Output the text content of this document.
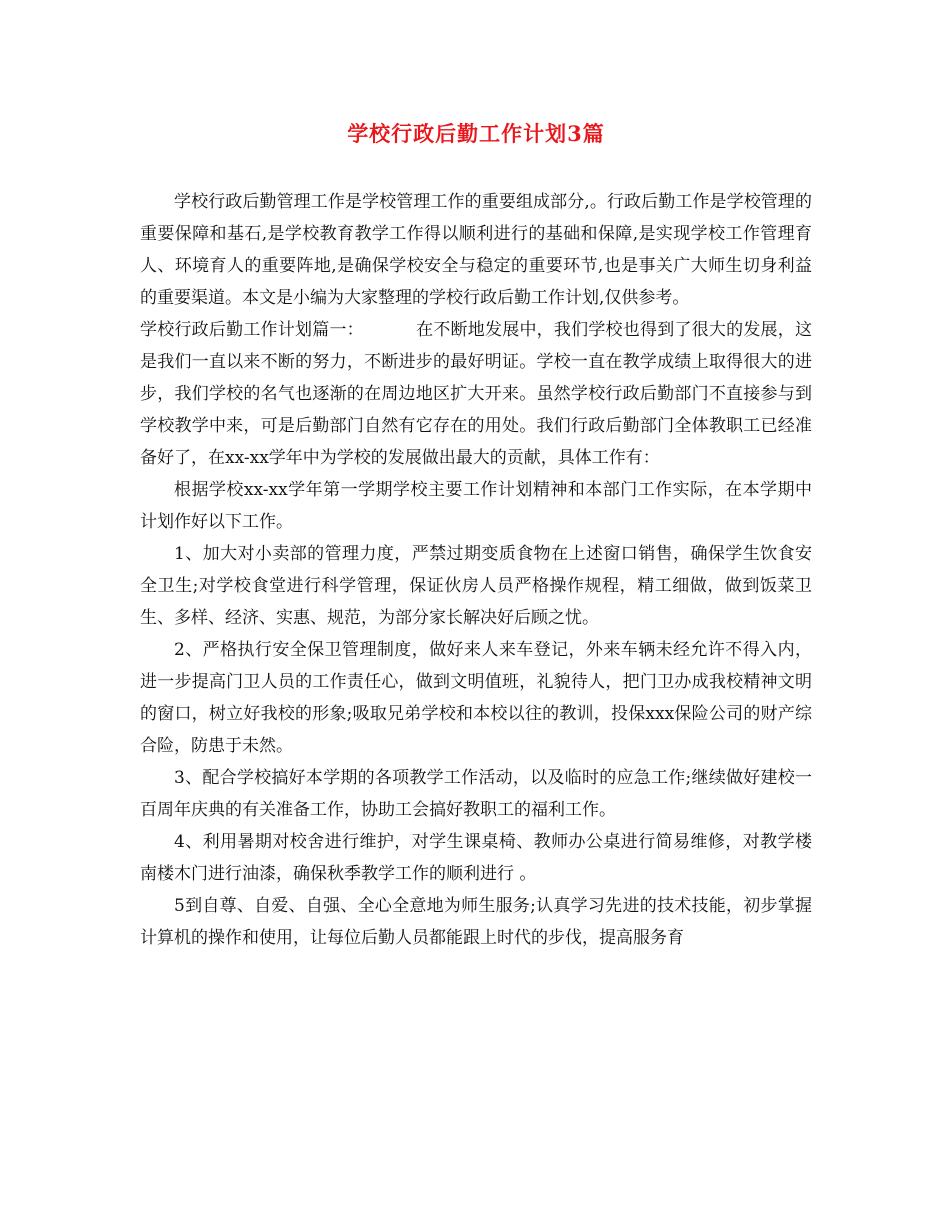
学校行政后勤工作计划3篇

学校行政后勤管理工作是学校管理工作的重要组成部分,。行政后勤工作是学校管理的重要保障和基石,是学校教育教学工作得以顺利进行的基础和保障,是实现学校工作管理育人、环境育人的重要阵地,是确保学校安全与稳定的重要环节,也是事关广大师生切身利益的重要渠道。本文是小编为大家整理的学校行政后勤工作计划,仅供参考。

学校行政后勤工作计划篇一：	在不断地发展中，我们学校也得到了很大的发展，这是我们一直以来不断的努力，不断进步的最好明证。学校一直在教学成绩上取得很大的进步，我们学校的名气也逐渐的在周边地区扩大开来。虽然学校行政后勤部门不直接参与到学校教学中来，可是后勤部门自然有它存在的用处。我们行政后勤部门全体教职工已经准备好了，在xx-xx学年中为学校的发展做出最大的贡献，具体工作有：

根据学校xx-xx学年第一学期学校主要工作计划精神和本部门工作实际，在本学期中计划作好以下工作。

1、加大对小卖部的管理力度，严禁过期变质食物在上述窗口销售，确保学生饮食安全卫生;对学校食堂进行科学管理，保证伙房人员严格操作规程，精工细做，做到饭菜卫生、多样、经济、实惠、规范，为部分家长解决好后顾之忧。

2、严格执行安全保卫管理制度，做好来人来车登记，外来车辆未经允许不得入内，进一步提高门卫人员的工作责任心，做到文明值班，礼貌待人，把门卫办成我校精神文明的窗口，树立好我校的形象;吸取兄弟学校和本校以往的教训，投保xxx保险公司的财产综合险，防患于未然。

3、配合学校搞好本学期的各项教学工作活动，以及临时的应急工作;继续做好建校一百周年庆典的有关准备工作，协助工会搞好教职工的福利工作。

4、利用暑期对校舍进行维护，对学生课桌椅、教师办公桌进行简易维修，对教学楼南楼木门进行油漆，确保秋季教学工作的顺利进行 。

5到自尊、自爱、自强、全心全意地为师生服务;认真学习先进的技术技能，初步掌握计算机的操作和使用，让每位后勤人员都能跟上时代的步伐，提高服务育
